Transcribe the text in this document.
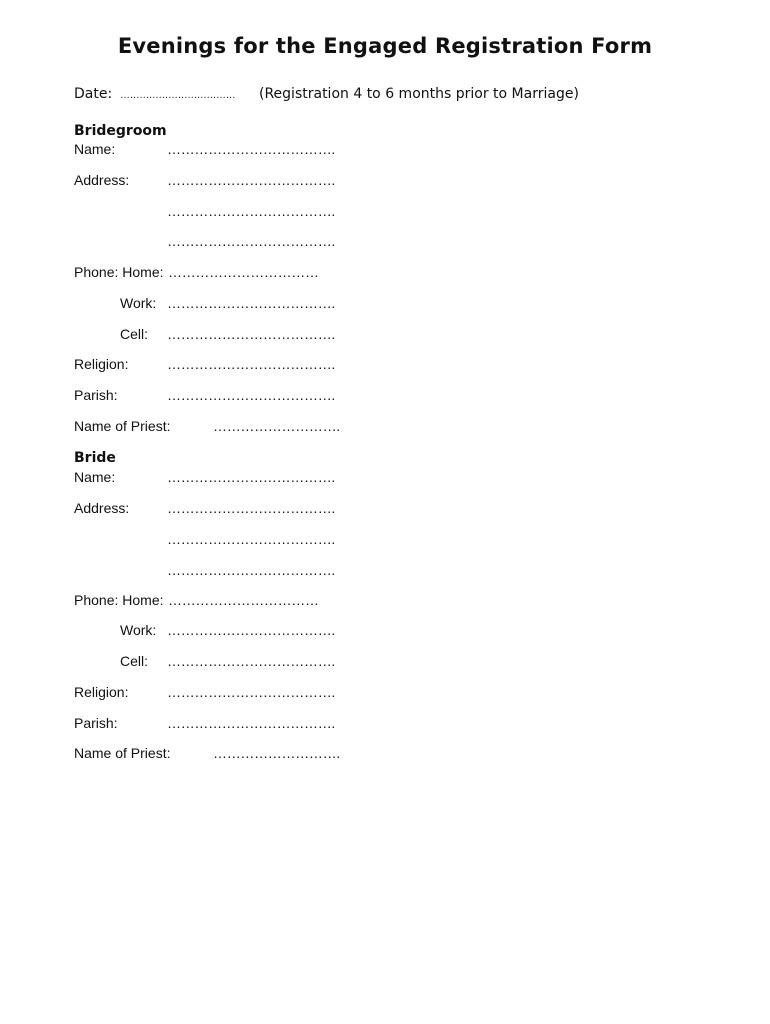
Evenings for the Engaged Registration Form
Date: ……………………………… (Registration 4 to 6 months prior to Marriage)
Bridegroom
Name:	……………………………….
Address:	……………………………….
……………………………….
……………………………….
Phone: Home: ……………………………
Work: ……………………………….
Cell: ……………………………….
Religion:	……………………………….
Parish:	……………………………….
Name of Priest:	……………………….
Bride
Name:	……………………………….
Address:	……………………………….
……………………………….
……………………………….
Phone: Home: ……………………………
Work: ……………………………….
Cell: ……………………………….
Religion:	……………………………….
Parish:	……………………………….
Name of Priest:	……………………….
